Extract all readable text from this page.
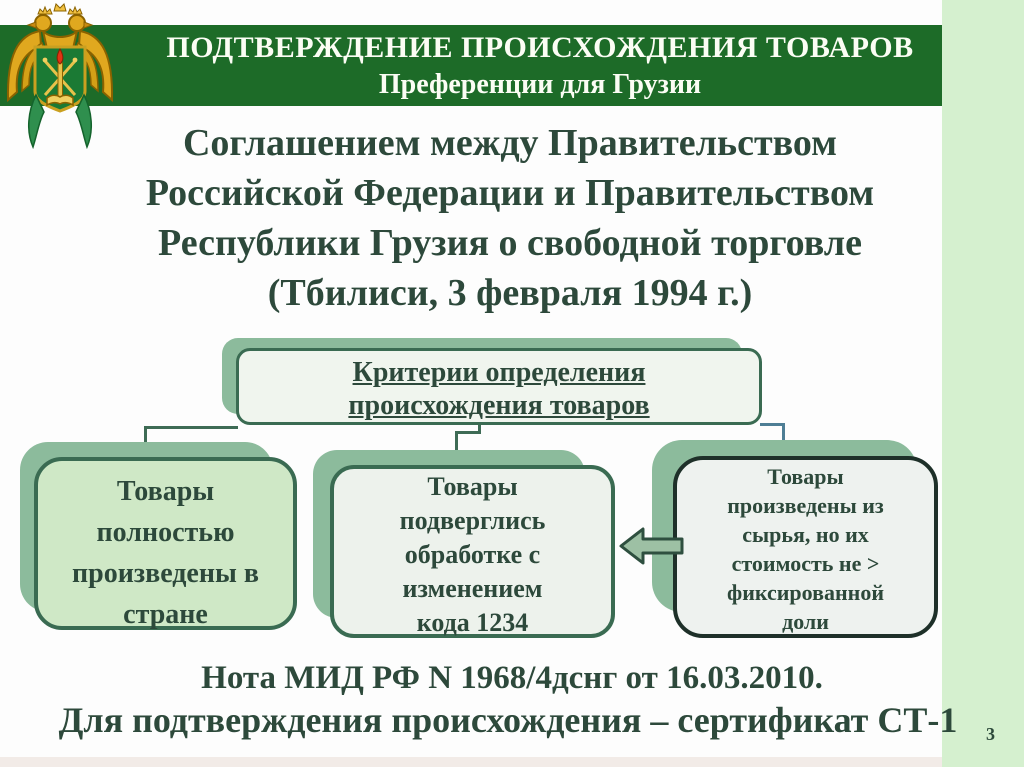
ПОДТВЕРЖДЕНИЕ ПРОИСХОЖДЕНИЯ ТОВАРОВ
Преференции для Грузии
Соглашением между Правительством
Российской Федерации и Правительством
Республики Грузия о свободной торговле
(Тбилиси, 3 февраля 1994 г.)
Критерии определения
происхождения товаров
Товары
полностью
произведены в
стране
Товары
подверглись
обработке с
изменением
кода 1234
Товары
произведены из
сырья, но их
стоимость не >
фиксированной
доли
3
Нота МИД РФ N 1968/4дснг от 16.03.2010.
Для подтверждения происхождения – сертификат СТ-1
